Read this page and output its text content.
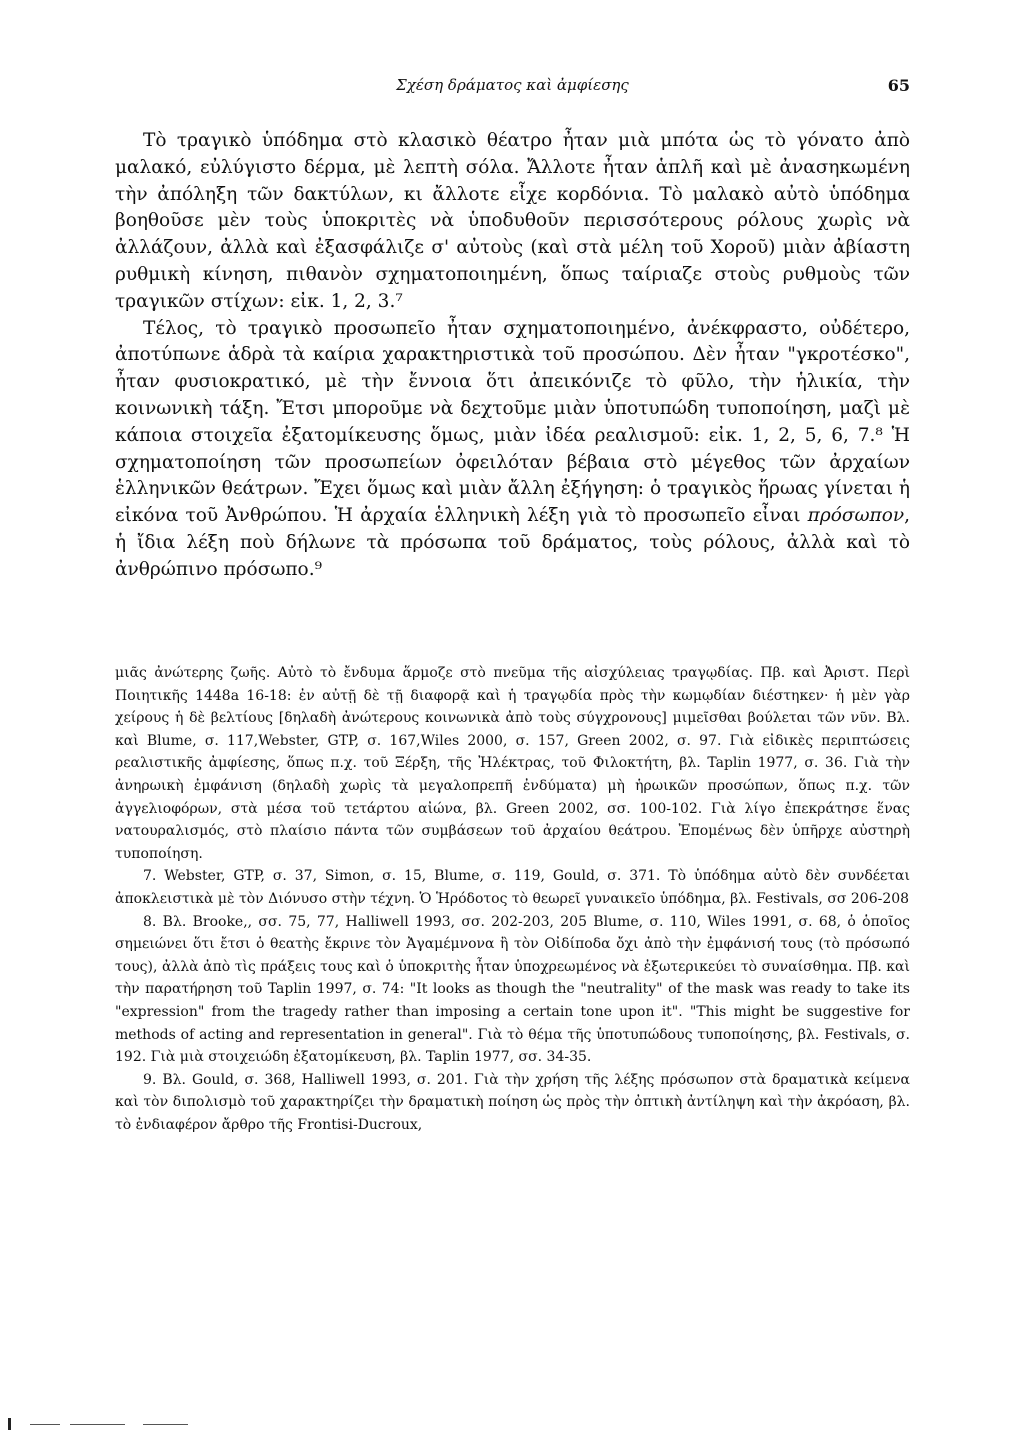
Σχέση δράματος καὶ ἀμφίεσης	65

Τὸ τραγικὸ ὑπόδημα στὸ κλασικὸ θέατρο ἦταν μιὰ μπότα ὡς τὸ γόνατο ἀπὸ μαλακό, εὐλύγιστο δέρμα, μὲ λεπτὴ σόλα. Ἄλλοτε ἦταν ἁπλῆ καὶ μὲ ἀνασηκωμένη τὴν ἀπόληξη τῶν δακτύλων, κι ἄλλοτε εἶχε κορδόνια. Τὸ μαλακὸ αὐτὸ ὑπόδημα βοηθοῦσε μὲν τοὺς ὑποκριτὲς νὰ ὑποδυθοῦν περισσότερους ρόλους χωρὶς νὰ ἀλλάζουν, ἀλλὰ καὶ ἐξασφάλιζε σ' αὐτοὺς (καὶ στὰ μέλη τοῦ Χοροῦ) μιὰν ἀβίαστη ρυθμικὴ κίνηση, πιθανὸν σχηματοποιημένη, ὅπως ταίριαζε στοὺς ρυθμοὺς τῶν τραγικῶν στίχων: εἰκ. 1, 2, 3.⁷

Τέλος, τὸ τραγικὸ προσωπεῖο ἦταν σχηματοποιημένο, ἀνέκφραστο, οὐδέτερο, ἀποτύπωνε ἁδρὰ τὰ καίρια χαρακτηριστικὰ τοῦ προσώπου. Δὲν ἦταν "γκροτέσκο", ἦταν φυσιοκρατικό, μὲ τὴν ἔννοια ὅτι ἀπεικόνιζε τὸ φῦλο, τὴν ἡλικία, τὴν κοινωνικὴ τάξη. Ἔτσι μποροῦμε νὰ δεχτοῦμε μιὰν ὑποτυπώδη τυποποίηση, μαζὶ μὲ κάποια στοιχεῖα ἐξατομίκευσης ὅμως, μιὰν ἰδέα ρεαλισμοῦ: εἰκ. 1, 2, 5, 6, 7.⁸ Ἡ σχηματοποίηση τῶν προσωπείων ὀφειλόταν βέβαια στὸ μέγεθος τῶν ἀρχαίων ἑλληνικῶν θεάτρων. Ἔχει ὅμως καὶ μιὰν ἄλλη ἐξήγηση: ὁ τραγικὸς ἥρωας γίνεται ἡ εἰκόνα τοῦ Ἀνθρώπου. Ἡ ἀρχαία ἑλληνικὴ λέξη γιὰ τὸ προσωπεῖο εἶναι πρόσωπον, ἡ ἴδια λέξη ποὺ δήλωνε τὰ πρόσωπα τοῦ δράματος, τοὺς ρόλους, ἀλλὰ καὶ τὸ ἀνθρώπινο πρόσωπο.⁹

μιᾶς ἀνώτερης ζωῆς. Αὐτὸ τὸ ἔνδυμα ἅρμοζε στὸ πνεῦμα τῆς αἰσχύλειας τραγῳδίας. Πβ. καὶ Ἀριστ. Περὶ Ποιητικῆς 1448a 16-18: ἐν αὐτῇ δὲ τῇ διαφορᾷ καὶ ἡ τραγῳδία πρὸς τὴν κωμῳδίαν διέστηκεν· ἡ μὲν γὰρ χείρους ἡ δὲ βελτίους [δηλαδὴ ἀνώτερους κοινωνικὰ ἀπὸ τοὺς σύγχρονους] μιμεῖσθαι βούλεται τῶν νῦν. Βλ. καὶ Blume, σ. 117,Webster, GTP, σ. 167,Wiles 2000, σ. 157, Green 2002, σ. 97. Γιὰ εἰδικὲς περιπτώσεις ρεαλιστικῆς ἀμφίεσης, ὅπως π.χ. τοῦ Ξέρξη, τῆς Ἠλέκτρας, τοῦ Φιλοκτήτη, βλ. Taplin 1977, σ. 36. Γιὰ τὴν ἀνηρωικὴ ἐμφάνιση (δηλαδὴ χωρὶς τὰ μεγαλοπρεπῆ ἐνδύματα) μὴ ἡρωικῶν προσώπων, ὅπως π.χ. τῶν ἀγγελιοφόρων, στὰ μέσα τοῦ τετάρτου αἰώνα, βλ. Green 2002, σσ. 100-102. Γιὰ λίγο ἐπεκράτησε ἕνας νατουραλισμός, στὸ πλαίσιο πάντα τῶν συμβάσεων τοῦ ἀρχαίου θεάτρου. Ἐπομένως δὲν ὑπῆρχε αὐστηρὴ τυποποίηση.

7. Webster, GTP, σ. 37, Simon, σ. 15, Blume, σ. 119, Gould, σ. 371. Τὸ ὑπόδημα αὐτὸ δὲν συνδέεται ἀποκλειστικὰ μὲ τὸν Διόνυσο στὴν τέχνη. Ὁ Ἡρόδοτος τὸ θεωρεῖ γυναικεῖο ὑπόδημα, βλ. Festivals, σσ 206-208

8. Βλ. Brooke,, σσ. 75, 77, Halliwell 1993, σσ. 202-203, 205 Blume, σ. 110, Wiles 1991, σ. 68, ὁ ὁποῖος σημειώνει ὅτι ἔτσι ὁ θεατὴς ἔκρινε τὸν Ἀγαμέμνονα ἢ τὸν Οἰδίποδα ὄχι ἀπὸ τὴν ἐμφάνισή τους (τὸ πρόσωπό τους), ἀλλὰ ἀπὸ τὶς πράξεις τους καὶ ὁ ὑποκριτὴς ἦταν ὑποχρεωμένος νὰ ἐξωτερικεύει τὸ συναίσθημα. Πβ. καὶ τὴν παρατήρηση τοῦ Taplin 1997, σ. 74: "It looks as though the "neutrality" of the mask was ready to take its "expression" from the tragedy rather than imposing a certain tone upon it". "This might be suggestive for methods of acting and representation in general". Γιὰ τὸ θέμα τῆς ὑποτυπώδους τυποποίησης, βλ. Festivals, σ. 192. Γιὰ μιὰ στοιχειώδη ἐξατομίκευση, βλ. Taplin 1977, σσ. 34-35.

9. Βλ. Gould, σ. 368, Halliwell 1993, σ. 201. Γιὰ τὴν χρήση τῆς λέξης πρόσωπον στὰ δραματικὰ κείμενα καὶ τὸν διπολισμὸ τοῦ χαρακτηρίζει τὴν δραματικὴ ποίηση ὡς πρὸς τὴν ὀπτικὴ ἀντίληψη καὶ τὴν ἀκρόαση, βλ. τὸ ἐνδιαφέρον ἄρθρο τῆς Frontisi-Ducroux,
